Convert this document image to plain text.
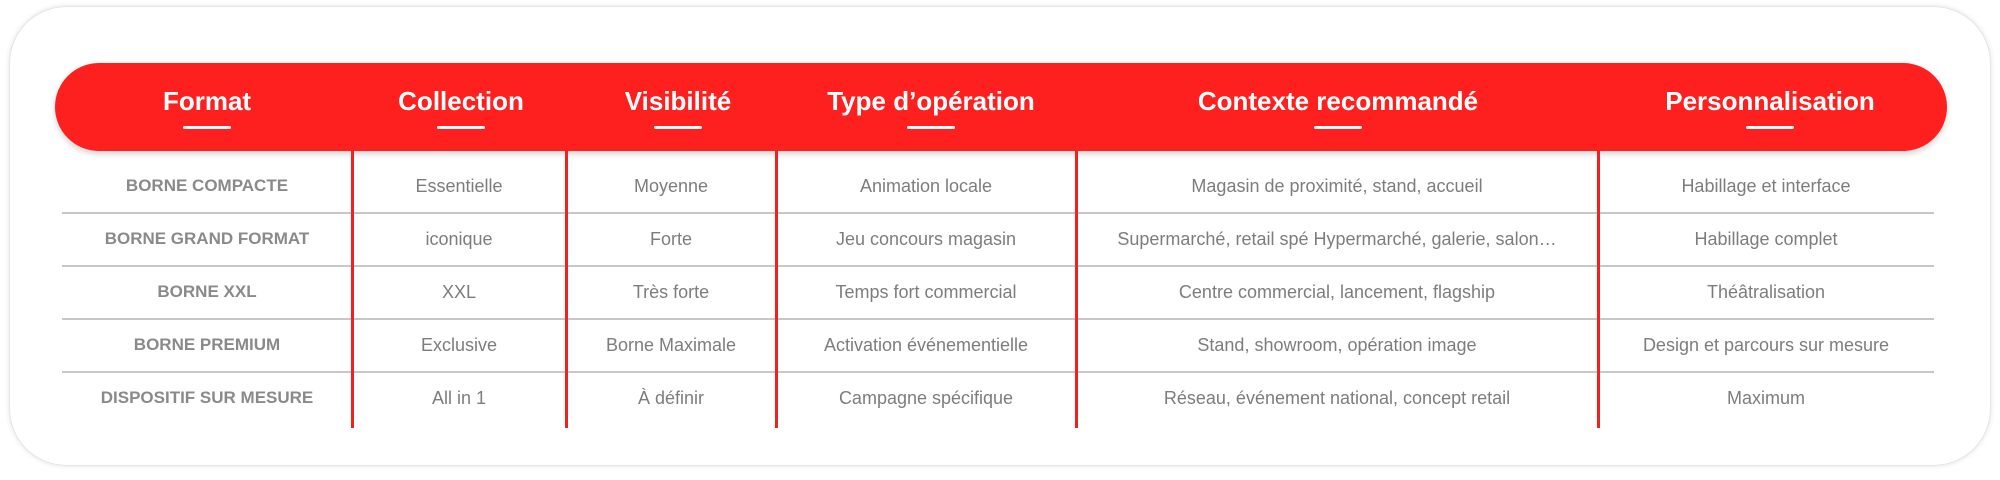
Format	Collection	Visibilité	Type d’opération	Contexte recommandé	Personnalisation
BORNE COMPACTE	Essentielle	Moyenne	Animation locale	Magasin de proximité, stand, accueil	Habillage et interface
BORNE GRAND FORMAT	iconique	Forte	Jeu concours magasin	Supermarché, retail spé Hypermarché, galerie, salon…	Habillage complet
BORNE XXL	XXL	Très forte	Temps fort commercial	Centre commercial, lancement, flagship	Théâtralisation
BORNE PREMIUM	Exclusive	Borne Maximale	Activation événementielle	Stand, showroom, opération image	Design et parcours sur mesure
DISPOSITIF SUR MESURE	All in 1	À définir	Campagne spécifique	Réseau, événement national, concept retail	Maximum
